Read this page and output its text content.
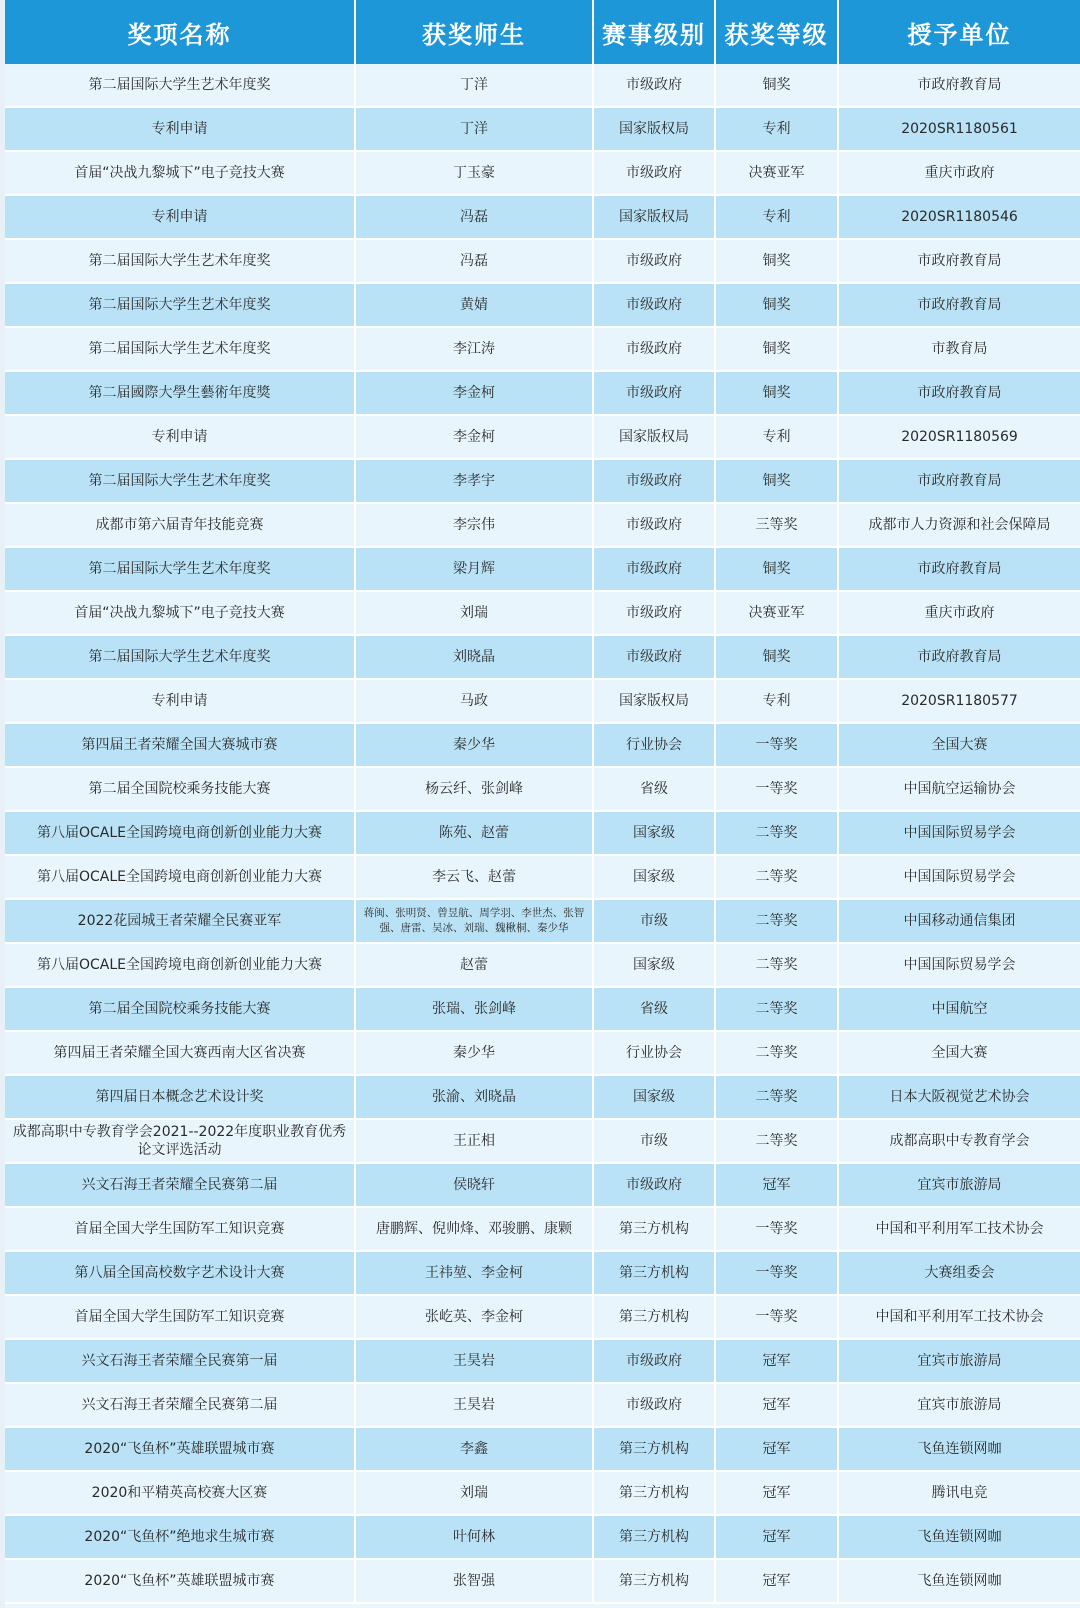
奖项名称	获奖师生	赛事级别	获奖等级	授予单位
第二届国际大学生艺术年度奖	丁洋	市级政府	铜奖	市政府教育局
专利申请	丁洋	国家版权局	专利	2020SR1180561
首届“决战九黎城下”电子竞技大赛	丁玉豪	市级政府	决赛亚军	重庆市政府
专利申请	冯磊	国家版权局	专利	2020SR1180546
第二届国际大学生艺术年度奖	冯磊	市级政府	铜奖	市政府教育局
第二届国际大学生艺术年度奖	黄婧	市级政府	铜奖	市政府教育局
第二届国际大学生艺术年度奖	李江涛	市级政府	铜奖	市教育局
第二届國際大學生藝術年度獎	李金柯	市级政府	铜奖	市政府教育局
专利申请	李金柯	国家版权局	专利	2020SR1180569
第二届国际大学生艺术年度奖	李孝宇	市级政府	铜奖	市政府教育局
成都市第六届青年技能竞赛	李宗伟	市级政府	三等奖	成都市人力资源和社会保障局
第二届国际大学生艺术年度奖	梁月辉	市级政府	铜奖	市政府教育局
首届“决战九黎城下”电子竞技大赛	刘瑞	市级政府	决赛亚军	重庆市政府
第二届国际大学生艺术年度奖	刘晓晶	市级政府	铜奖	市政府教育局
专利申请	马政	国家版权局	专利	2020SR1180577
第四届王者荣耀全国大赛城市赛	秦少华	行业协会	一等奖	全国大赛
第二届全国院校乘务技能大赛	杨云纤、张剑峰	省级	一等奖	中国航空运输协会
第八届OCALE全国跨境电商创新创业能力大赛	陈苑、赵蕾	国家级	二等奖	中国国际贸易学会
第八届OCALE全国跨境电商创新创业能力大赛	李云飞、赵蕾	国家级	二等奖	中国国际贸易学会
2022花园城王者荣耀全民赛亚军	蒋闽、张明贤、曾昱航、周学羽、李世杰、张智强、唐雷、吴冰、刘瑞、魏楸桐、秦少华	市级	二等奖	中国移动通信集团
第八届OCALE全国跨境电商创新创业能力大赛	赵蕾	国家级	二等奖	中国国际贸易学会
第二届全国院校乘务技能大赛	张瑞、张剑峰	省级	二等奖	中国航空
第四届王者荣耀全国大赛西南大区省决赛	秦少华	行业协会	二等奖	全国大赛
第四届日本概念艺术设计奖	张渝、刘晓晶	国家级	二等奖	日本大阪视觉艺术协会
成都高职中专教育学会2021--2022年度职业教育优秀论文评选活动	王正相	市级	二等奖	成都高职中专教育学会
兴文石海王者荣耀全民赛第二届	侯晓轩	市级政府	冠军	宜宾市旅游局
首届全国大学生国防军工知识竞赛	唐鹏辉、倪帅烽、邓骏鹏、康颗	第三方机构	一等奖	中国和平利用军工技术协会
第八届全国高校数字艺术设计大赛	王祎堃、李金柯	第三方机构	一等奖	大赛组委会
首届全国大学生国防军工知识竞赛	张屹英、李金柯	第三方机构	一等奖	中国和平利用军工技术协会
兴文石海王者荣耀全民赛第一届	王昊岩	市级政府	冠军	宜宾市旅游局
兴文石海王者荣耀全民赛第二届	王昊岩	市级政府	冠军	宜宾市旅游局
2020“飞鱼杯”英雄联盟城市赛	李鑫	第三方机构	冠军	飞鱼连锁网咖
2020和平精英高校赛大区赛	刘瑞	第三方机构	冠军	腾讯电竞
2020“飞鱼杯”绝地求生城市赛	叶何林	第三方机构	冠军	飞鱼连锁网咖
2020“飞鱼杯”英雄联盟城市赛	张智强	第三方机构	冠军	飞鱼连锁网咖
